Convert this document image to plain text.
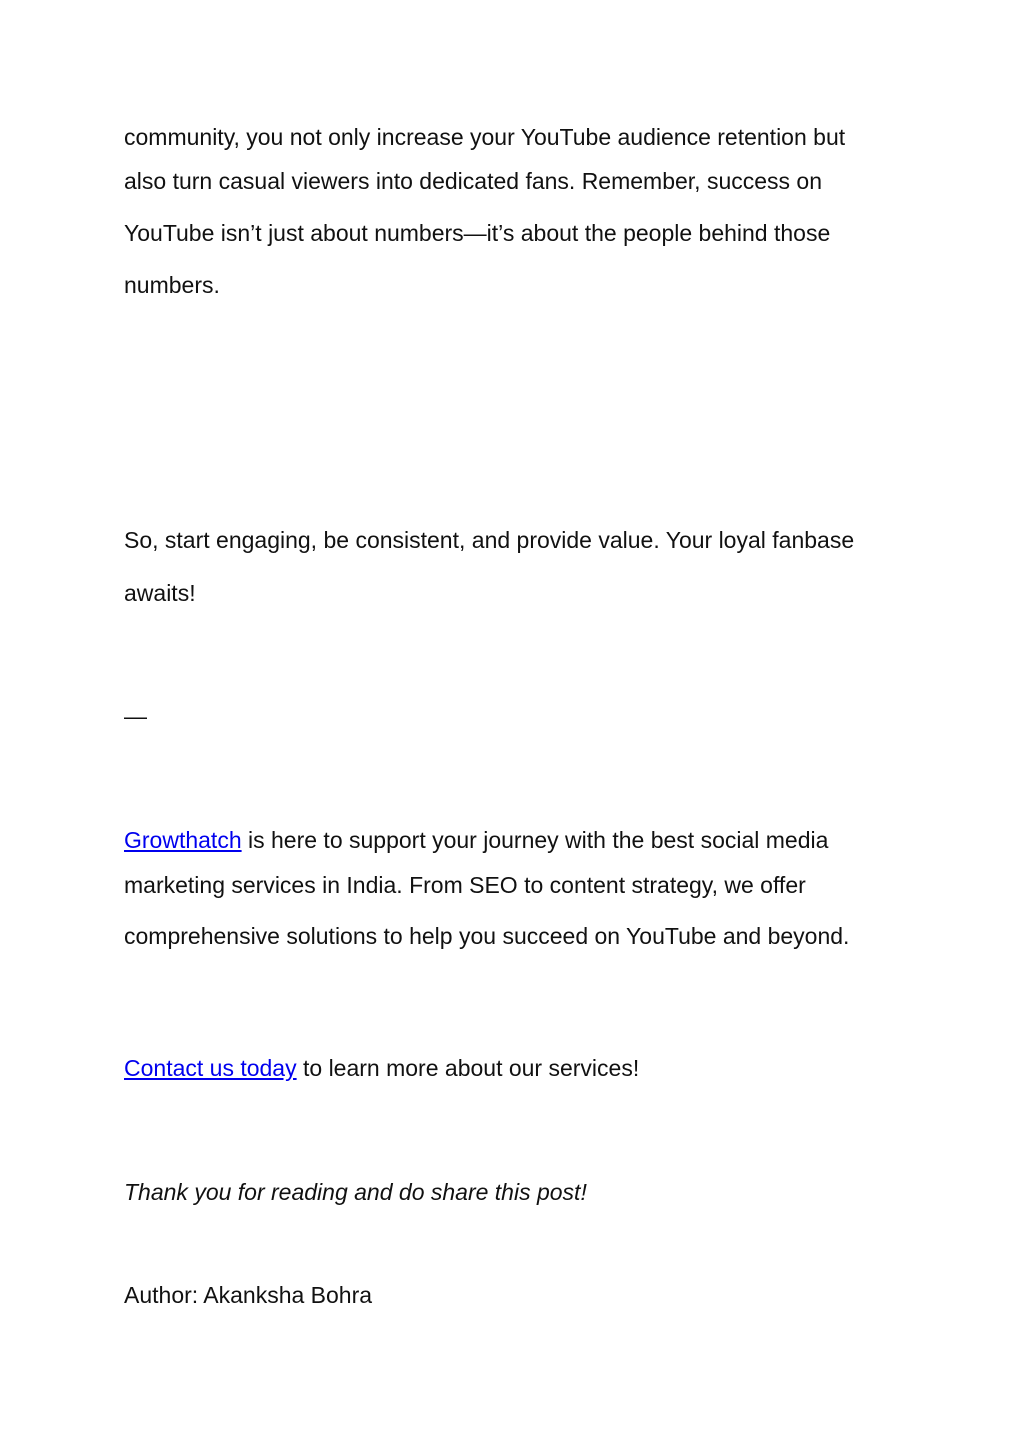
community, you not only increase your YouTube audience retention but

also turn casual viewers into dedicated fans. Remember, success on

YouTube isn’t just about numbers—it’s about the people behind those

numbers.

So, start engaging, be consistent, and provide value. Your loyal fanbase

awaits!

—

Growthatch is here to support your journey with the best social media

marketing services in India. From SEO to content strategy, we offer

comprehensive solutions to help you succeed on YouTube and beyond.

Contact us today to learn more about our services!

Thank you for reading and do share this post!

Author: Akanksha Bohra
